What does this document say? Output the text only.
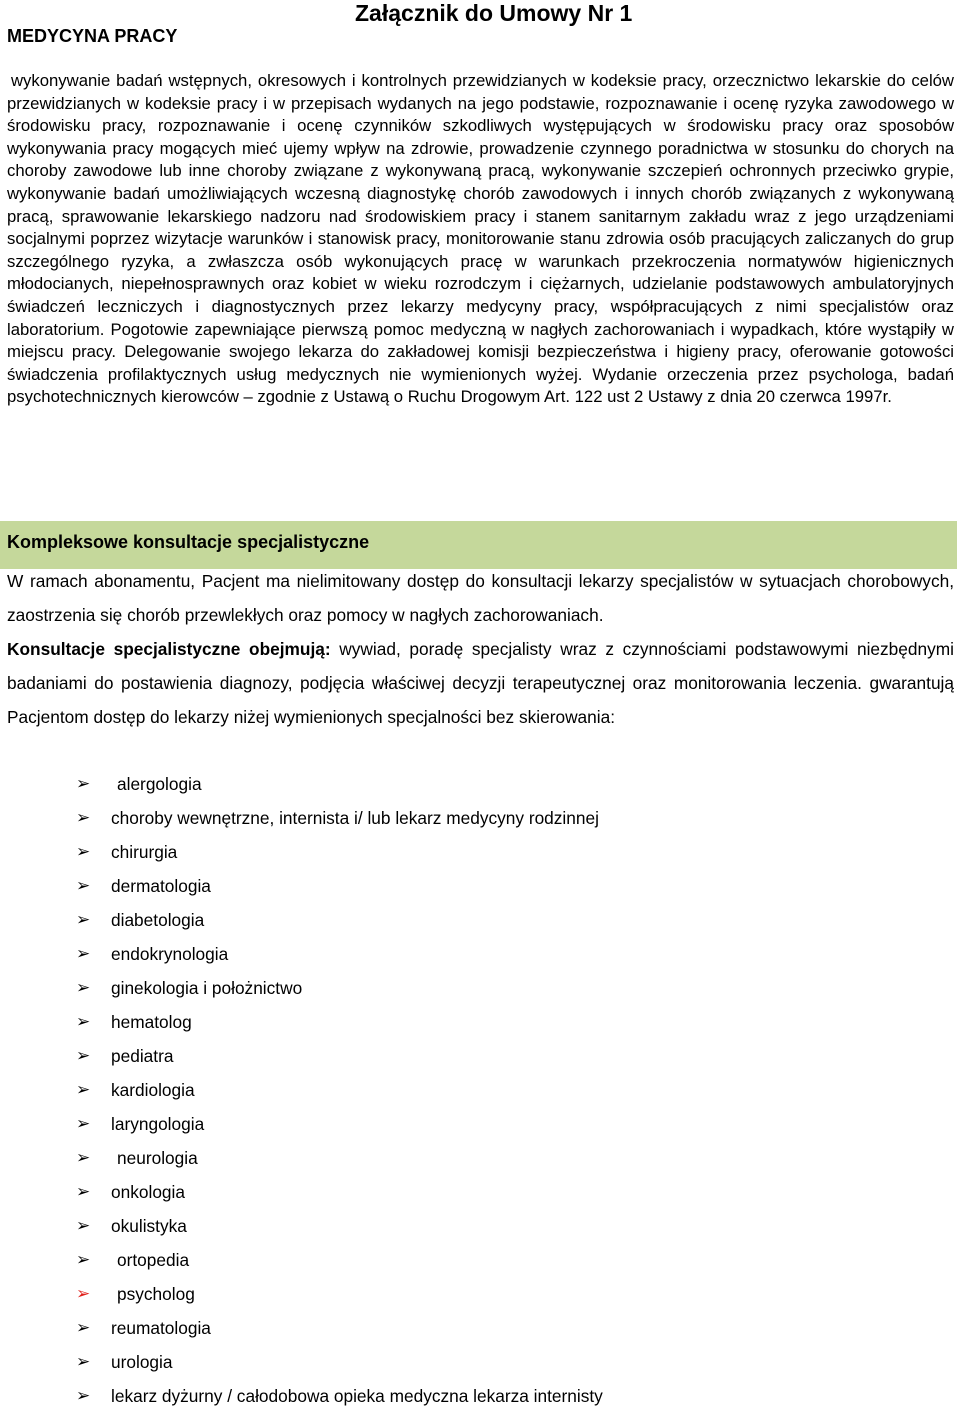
Załącznik do Umowy Nr 1
MEDYCYNA PRACY
wykonywanie badań wstępnych, okresowych i kontrolnych przewidzianych w kodeksie pracy, orzecznictwo lekarskie do celów przewidzianych w kodeksie pracy i w przepisach wydanych na jego podstawie, rozpoznawanie i ocenę ryzyka zawodowego w środowisku pracy, rozpoznawanie i ocenę czynników szkodliwych występujących w środowisku pracy oraz sposobów wykonywania pracy mogących mieć ujemy wpływ na zdrowie, prowadzenie czynnego poradnictwa w stosunku do chorych na choroby zawodowe lub inne choroby związane z wykonywaną pracą, wykonywanie szczepień ochronnych przeciwko grypie, wykonywanie badań umożliwiających wczesną diagnostykę chorób zawodowych i innych chorób związanych z wykonywaną pracą, sprawowanie lekarskiego nadzoru nad środowiskiem pracy i stanem sanitarnym zakładu wraz z jego urządzeniami socjalnymi poprzez wizytacje warunków i stanowisk pracy, monitorowanie stanu zdrowia osób pracujących zaliczanych do grup szczególnego ryzyka, a zwłaszcza osób wykonujących pracę w warunkach przekroczenia normatywów higienicznych młodocianych, niepełnosprawnych oraz kobiet w wieku rozrodczym i ciężarnych, udzielanie podstawowych ambulatoryjnych świadczeń leczniczych i diagnostycznych przez lekarzy medycyny pracy, współpracujących z nimi specjalistów oraz laboratorium. Pogotowie zapewniające pierwszą pomoc medyczną w nagłych zachorowaniach i wypadkach, które wystąpiły w miejscu pracy. Delegowanie swojego lekarza do zakładowej komisji bezpieczeństwa i higieny pracy, oferowanie gotowości świadczenia profilaktycznych usług medycznych nie wymienionych wyżej. Wydanie orzeczenia przez psychologa, badań psychotechnicznych kierowców – zgodnie z Ustawą o Ruchu Drogowym Art. 122 ust 2 Ustawy z dnia 20 czerwca 1997r.
Kompleksowe konsultacje specjalistyczne
W ramach abonamentu, Pacjent ma nielimitowany dostęp do konsultacji lekarzy specjalistów w sytuacjach chorobowych, zaostrzenia się chorób przewlekłych oraz pomocy w nagłych zachorowaniach.
Konsultacje specjalistyczne obejmują: wywiad, poradę specjalisty wraz z czynnościami podstawowymi niezbędnymi badaniami do postawienia diagnozy, podjęcia właściwej decyzji terapeutycznej oraz monitorowania leczenia. gwarantują Pacjentom dostęp do lekarzy niżej wymienionych specjalności bez skierowania:
➢ alergologia
➢ choroby wewnętrzne, internista i/ lub lekarz medycyny rodzinnej
➢ chirurgia
➢ dermatologia
➢ diabetologia
➢ endokrynologia
➢ ginekologia i położnictwo
➢ hematolog
➢ pediatra
➢ kardiologia
➢ laryngologia
➢ neurologia
➢ onkologia
➢ okulistyka
➢ ortopedia
➢ psycholog
➢ reumatologia
➢ urologia
➢ lekarz dyżurny / całodobowa opieka medyczna lekarza internisty
